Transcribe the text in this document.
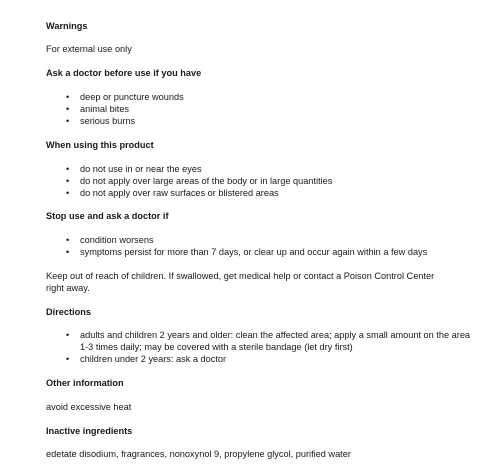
Warnings
For external use only
Ask a doctor before use if you have
• deep or puncture wounds
• animal bites
• serious burns
When using this product
• do not use in or near the eyes
• do not apply over large areas of the body or in large quantities
• do not apply over raw surfaces or blistered areas
Stop use and ask a doctor if
• condition worsens
• symptoms persist for more than 7 days, or clear up and occur again within a few days
Keep out of reach of children. If swallowed, get medical help or contact a Poison Control Center right away.
Directions
• adults and children 2 years and older: clean the affected area; apply a small amount on the area 1-3 times daily; may be covered with a sterile bandage (let dry first)
• children under 2 years: ask a doctor
Other information
avoid excessive heat
Inactive ingredients
edetate disodium, fragrances, nonoxynol 9, propylene glycol, purified water
